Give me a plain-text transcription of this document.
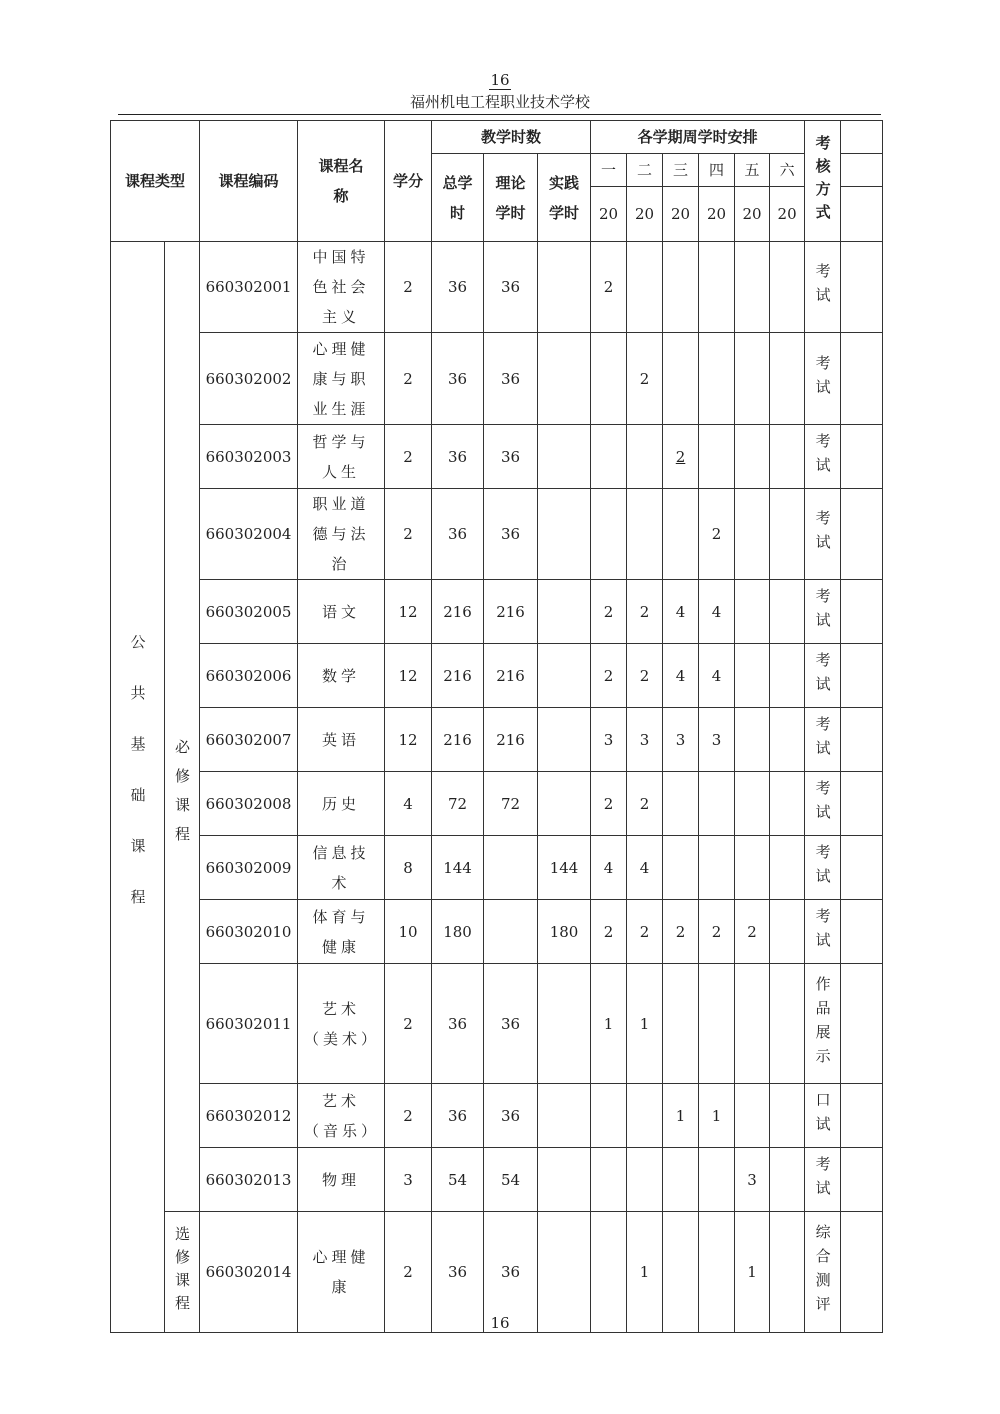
16
福州机电工程职业技术学校
课程类型		课程编码	课程名称	学分	教学时数			各学期周学时安排						考核方式	

					总学时	理论学时	实践学时	一	二	三	四	五	六		
								20	20	20	20	20	20		

公共基础课程	必修课程	660302001	中国特色社会主义	2	36	36		2						考试	

		660302002	心理健康与职业生涯	2	36	36			2					考试	

		660302003	哲学与人生	2	36	36				2				考试	

		660302004	职业道德与法治	2	36	36					2			考试	

		660302005	语文	12	216	216		2	2	4	4			考试	

		660302006	数学	12	216	216		2	2	4	4			考试	

		660302007	英语	12	216	216		3	3	3	3			考试	

		660302008	历史	4	72	72		2	2					考试	

		660302009	信息技术	8	144		144	4	4					考试	

		660302010	体育与健康	10	180		180	2	2	2	2	2		考试	

		660302011	艺术（美术）	2	36	36		1	1					作品展示	

		660302012	艺术（音乐）	2	36	36				1	1			口试	

		660302013	物理	3	54	54						3		考试	

	选修课程	660302014	心理健康	2	36	36			1			1		综合测评	

16
